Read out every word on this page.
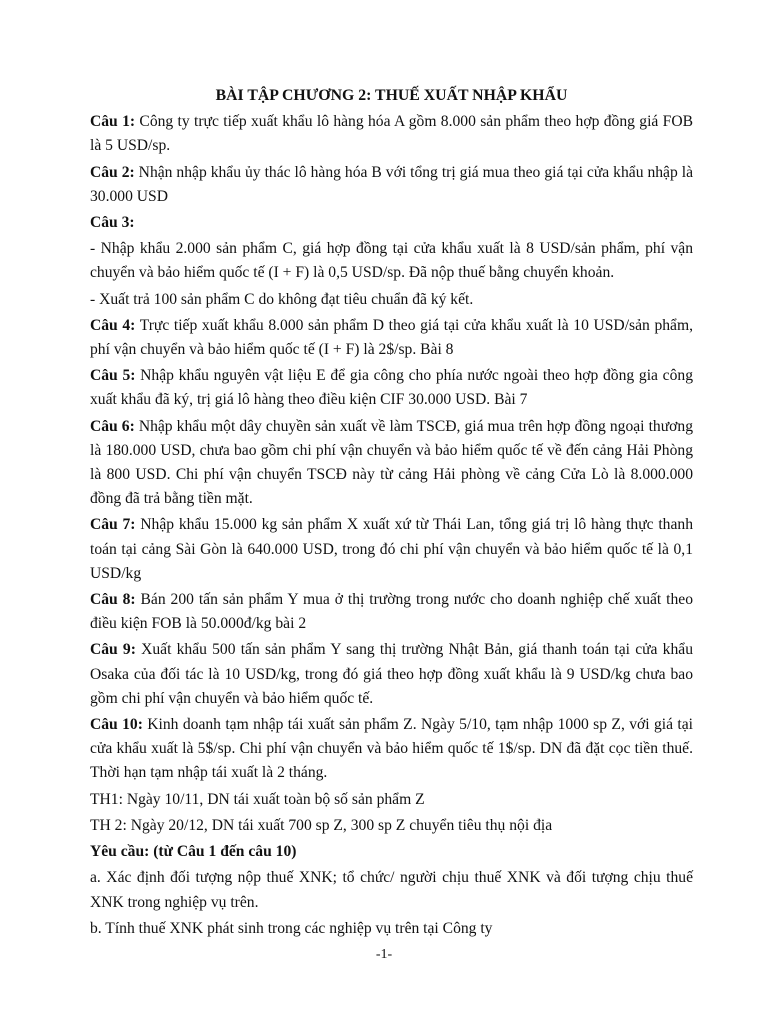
BÀI TẬP CHƯƠNG 2: THUẾ XUẤT NHẬP KHẨU
Câu 1: Công ty trực tiếp xuất khẩu lô hàng hóa A gồm 8.000 sản phẩm theo hợp đồng giá FOB là 5 USD/sp.
Câu 2: Nhận nhập khẩu ủy thác lô hàng hóa B với tổng trị giá mua theo giá tại cửa khẩu nhập là 30.000 USD
Câu 3:
- Nhập khẩu 2.000 sản phẩm C, giá hợp đồng tại cửa khẩu xuất là 8 USD/sản phẩm, phí vận chuyển và bảo hiểm quốc tế (I + F) là 0,5 USD/sp. Đã nộp thuế bằng chuyển khoản.
- Xuất trả 100 sản phẩm C do không đạt tiêu chuẩn đã ký kết.
Câu 4: Trực tiếp xuất khẩu 8.000 sản phẩm D theo giá tại cửa khẩu xuất là 10 USD/sản phẩm, phí vận chuyển và bảo hiểm quốc tế (I + F) là 2$/sp. Bài 8
Câu 5: Nhập khẩu nguyên vật liệu E để gia công cho phía nước ngoài theo hợp đồng gia công xuất khẩu đã ký, trị giá lô hàng theo điều kiện CIF 30.000 USD. Bài 7
Câu 6: Nhập khẩu một dây chuyền sản xuất về làm TSCĐ, giá mua trên hợp đồng ngoại thương là 180.000 USD, chưa bao gồm chi phí vận chuyển và bảo hiểm quốc tế về đến cảng Hải Phòng là 800 USD. Chi phí vận chuyển TSCĐ này từ cảng Hải phòng về cảng Cửa Lò là 8.000.000 đồng đã trả bằng tiền mặt.
Câu 7: Nhập khẩu 15.000 kg sản phẩm X xuất xứ từ Thái Lan, tổng giá trị lô hàng thực thanh toán tại cảng Sài Gòn là 640.000 USD, trong đó chi phí vận chuyển và bảo hiểm quốc tế là 0,1 USD/kg
Câu 8: Bán 200 tấn sản phẩm Y mua ở thị trường trong nước cho doanh nghiệp chế xuất theo điều kiện FOB là 50.000đ/kg bài 2
Câu 9: Xuất khẩu 500 tấn sản phẩm Y sang thị trường Nhật Bản, giá thanh toán tại cửa khẩu Osaka của đối tác là 10 USD/kg, trong đó giá theo hợp đồng xuất khẩu là 9 USD/kg chưa bao gồm chi phí vận chuyển và bảo hiểm quốc tế.
Câu 10: Kinh doanh tạm nhập tái xuất sản phẩm Z. Ngày 5/10, tạm nhập 1000 sp Z, với giá tại cửa khẩu xuất là 5$/sp. Chi phí vận chuyển và bảo hiểm quốc tế 1$/sp. DN đã đặt cọc tiền thuế. Thời hạn tạm nhập tái xuất là 2 tháng.
TH1: Ngày 10/11, DN tái xuất toàn bộ số sản phẩm Z
TH 2: Ngày 20/12, DN tái xuất 700 sp Z, 300 sp Z chuyển tiêu thụ nội địa
Yêu cầu: (từ Câu 1 đến câu 10)
a. Xác định đối tượng nộp thuế XNK; tổ chức/ người chịu thuế XNK và đối tượng chịu thuế XNK trong nghiệp vụ trên.
b. Tính thuế XNK phát sinh trong các nghiệp vụ trên tại Công ty
-1-
